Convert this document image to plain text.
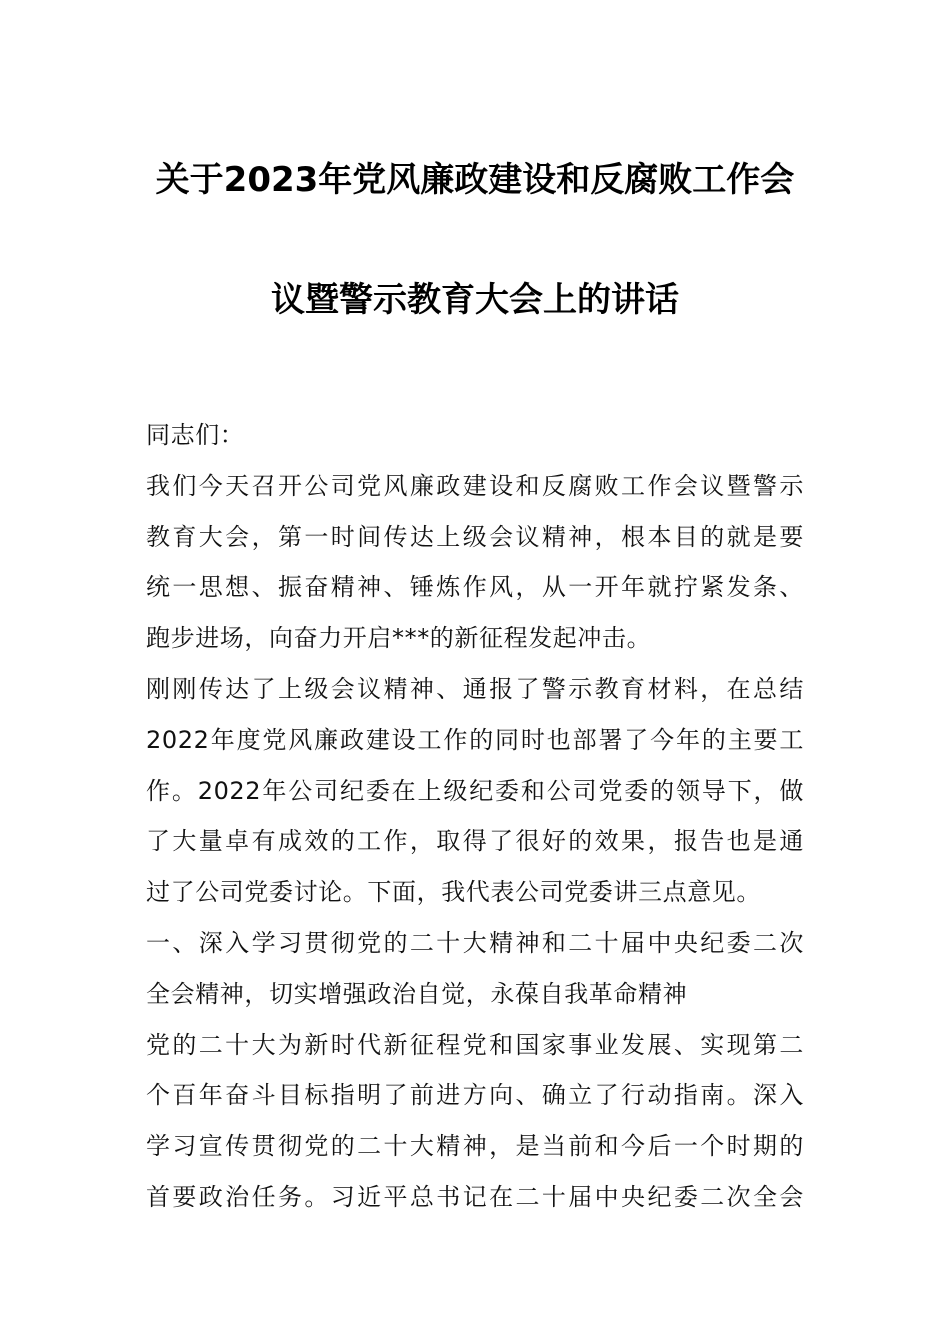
关于2023年党风廉政建设和反腐败工作会
议暨警示教育大会上的讲话
同志们：
我们今天召开公司党风廉政建设和反腐败工作会议暨警示
教育大会，第一时间传达上级会议精神，根本目的就是要
统一思想、振奋精神、锤炼作风，从一开年就拧紧发条、
跑步进场，向奋力开启***的新征程发起冲击。
刚刚传达了上级会议精神、通报了警示教育材料，在总结
2022年度党风廉政建设工作的同时也部署了今年的主要工
作。2022年公司纪委在上级纪委和公司党委的领导下，做
了大量卓有成效的工作，取得了很好的效果，报告也是通
过了公司党委讨论。下面，我代表公司党委讲三点意见。
一、深入学习贯彻党的二十大精神和二十届中央纪委二次
全会精神，切实增强政治自觉，永葆自我革命精神
党的二十大为新时代新征程党和国家事业发展、实现第二
个百年奋斗目标指明了前进方向、确立了行动指南。深入
学习宣传贯彻党的二十大精神，是当前和今后一个时期的
首要政治任务。习近平总书记在二十届中央纪委二次全会
